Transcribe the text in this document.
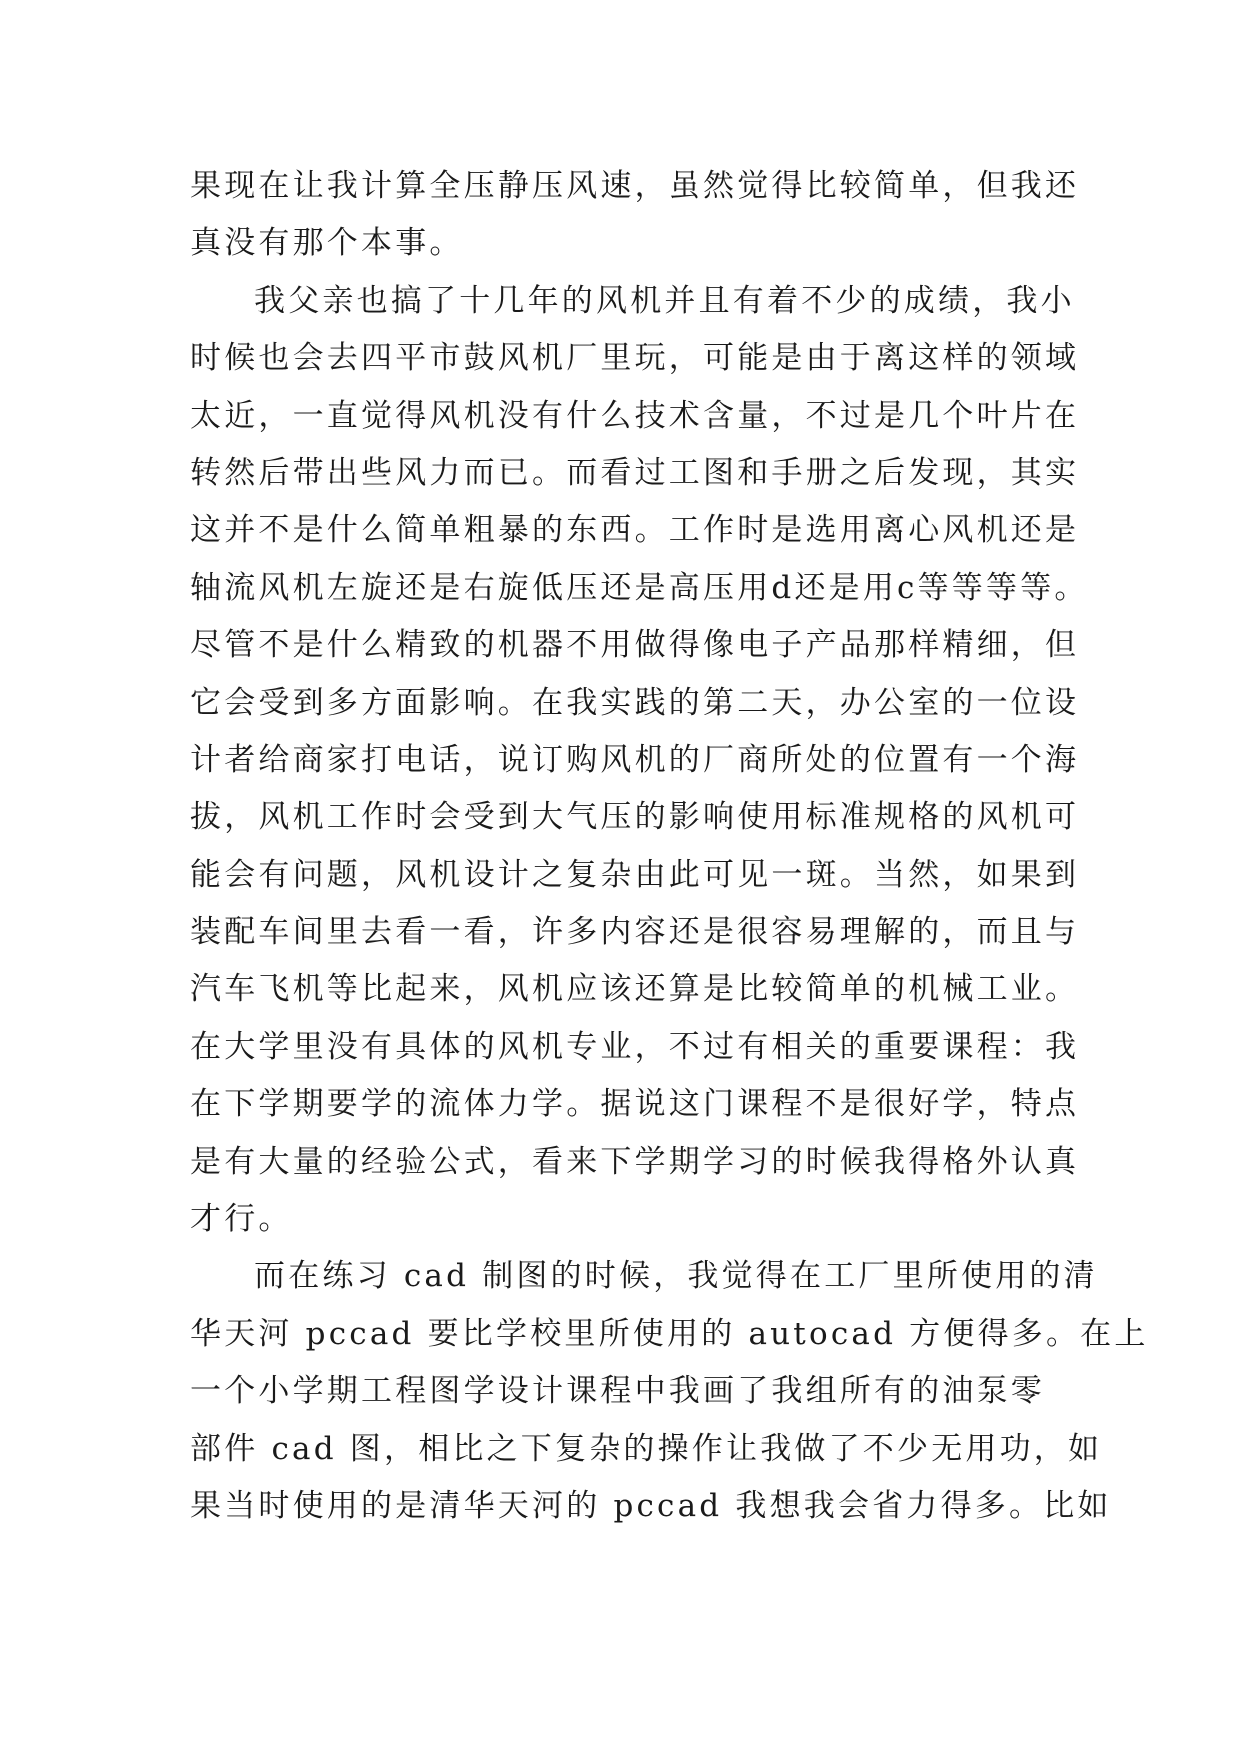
果现在让我计算全压静压风速，虽然觉得比较简单，但我还
真没有那个本事。
我父亲也搞了十几年的风机并且有着不少的成绩，我小
时候也会去四平市鼓风机厂里玩，可能是由于离这样的领域
太近，一直觉得风机没有什么技术含量，不过是几个叶片在
转然后带出些风力而已。而看过工图和手册之后发现，其实
这并不是什么简单粗暴的东西。工作时是选用离心风机还是
轴流风机左旋还是右旋低压还是高压用d还是用c等等等等。
尽管不是什么精致的机器不用做得像电子产品那样精细，但
它会受到多方面影响。在我实践的第二天，办公室的一位设
计者给商家打电话，说订购风机的厂商所处的位置有一个海
拔，风机工作时会受到大气压的影响使用标准规格的风机可
能会有问题，风机设计之复杂由此可见一斑。当然，如果到
装配车间里去看一看，许多内容还是很容易理解的，而且与
汽车飞机等比起来，风机应该还算是比较简单的机械工业。
在大学里没有具体的风机专业，不过有相关的重要课程：我
在下学期要学的流体力学。据说这门课程不是很好学，特点
是有大量的经验公式，看来下学期学习的时候我得格外认真
才行。
而在练习 cad 制图的时候，我觉得在工厂里所使用的清
华天河 pccad 要比学校里所使用的 autocad 方便得多。在上
一个小学期工程图学设计课程中我画了我组所有的油泵零
部件 cad 图，相比之下复杂的操作让我做了不少无用功，如
果当时使用的是清华天河的 pccad 我想我会省力得多。比如
